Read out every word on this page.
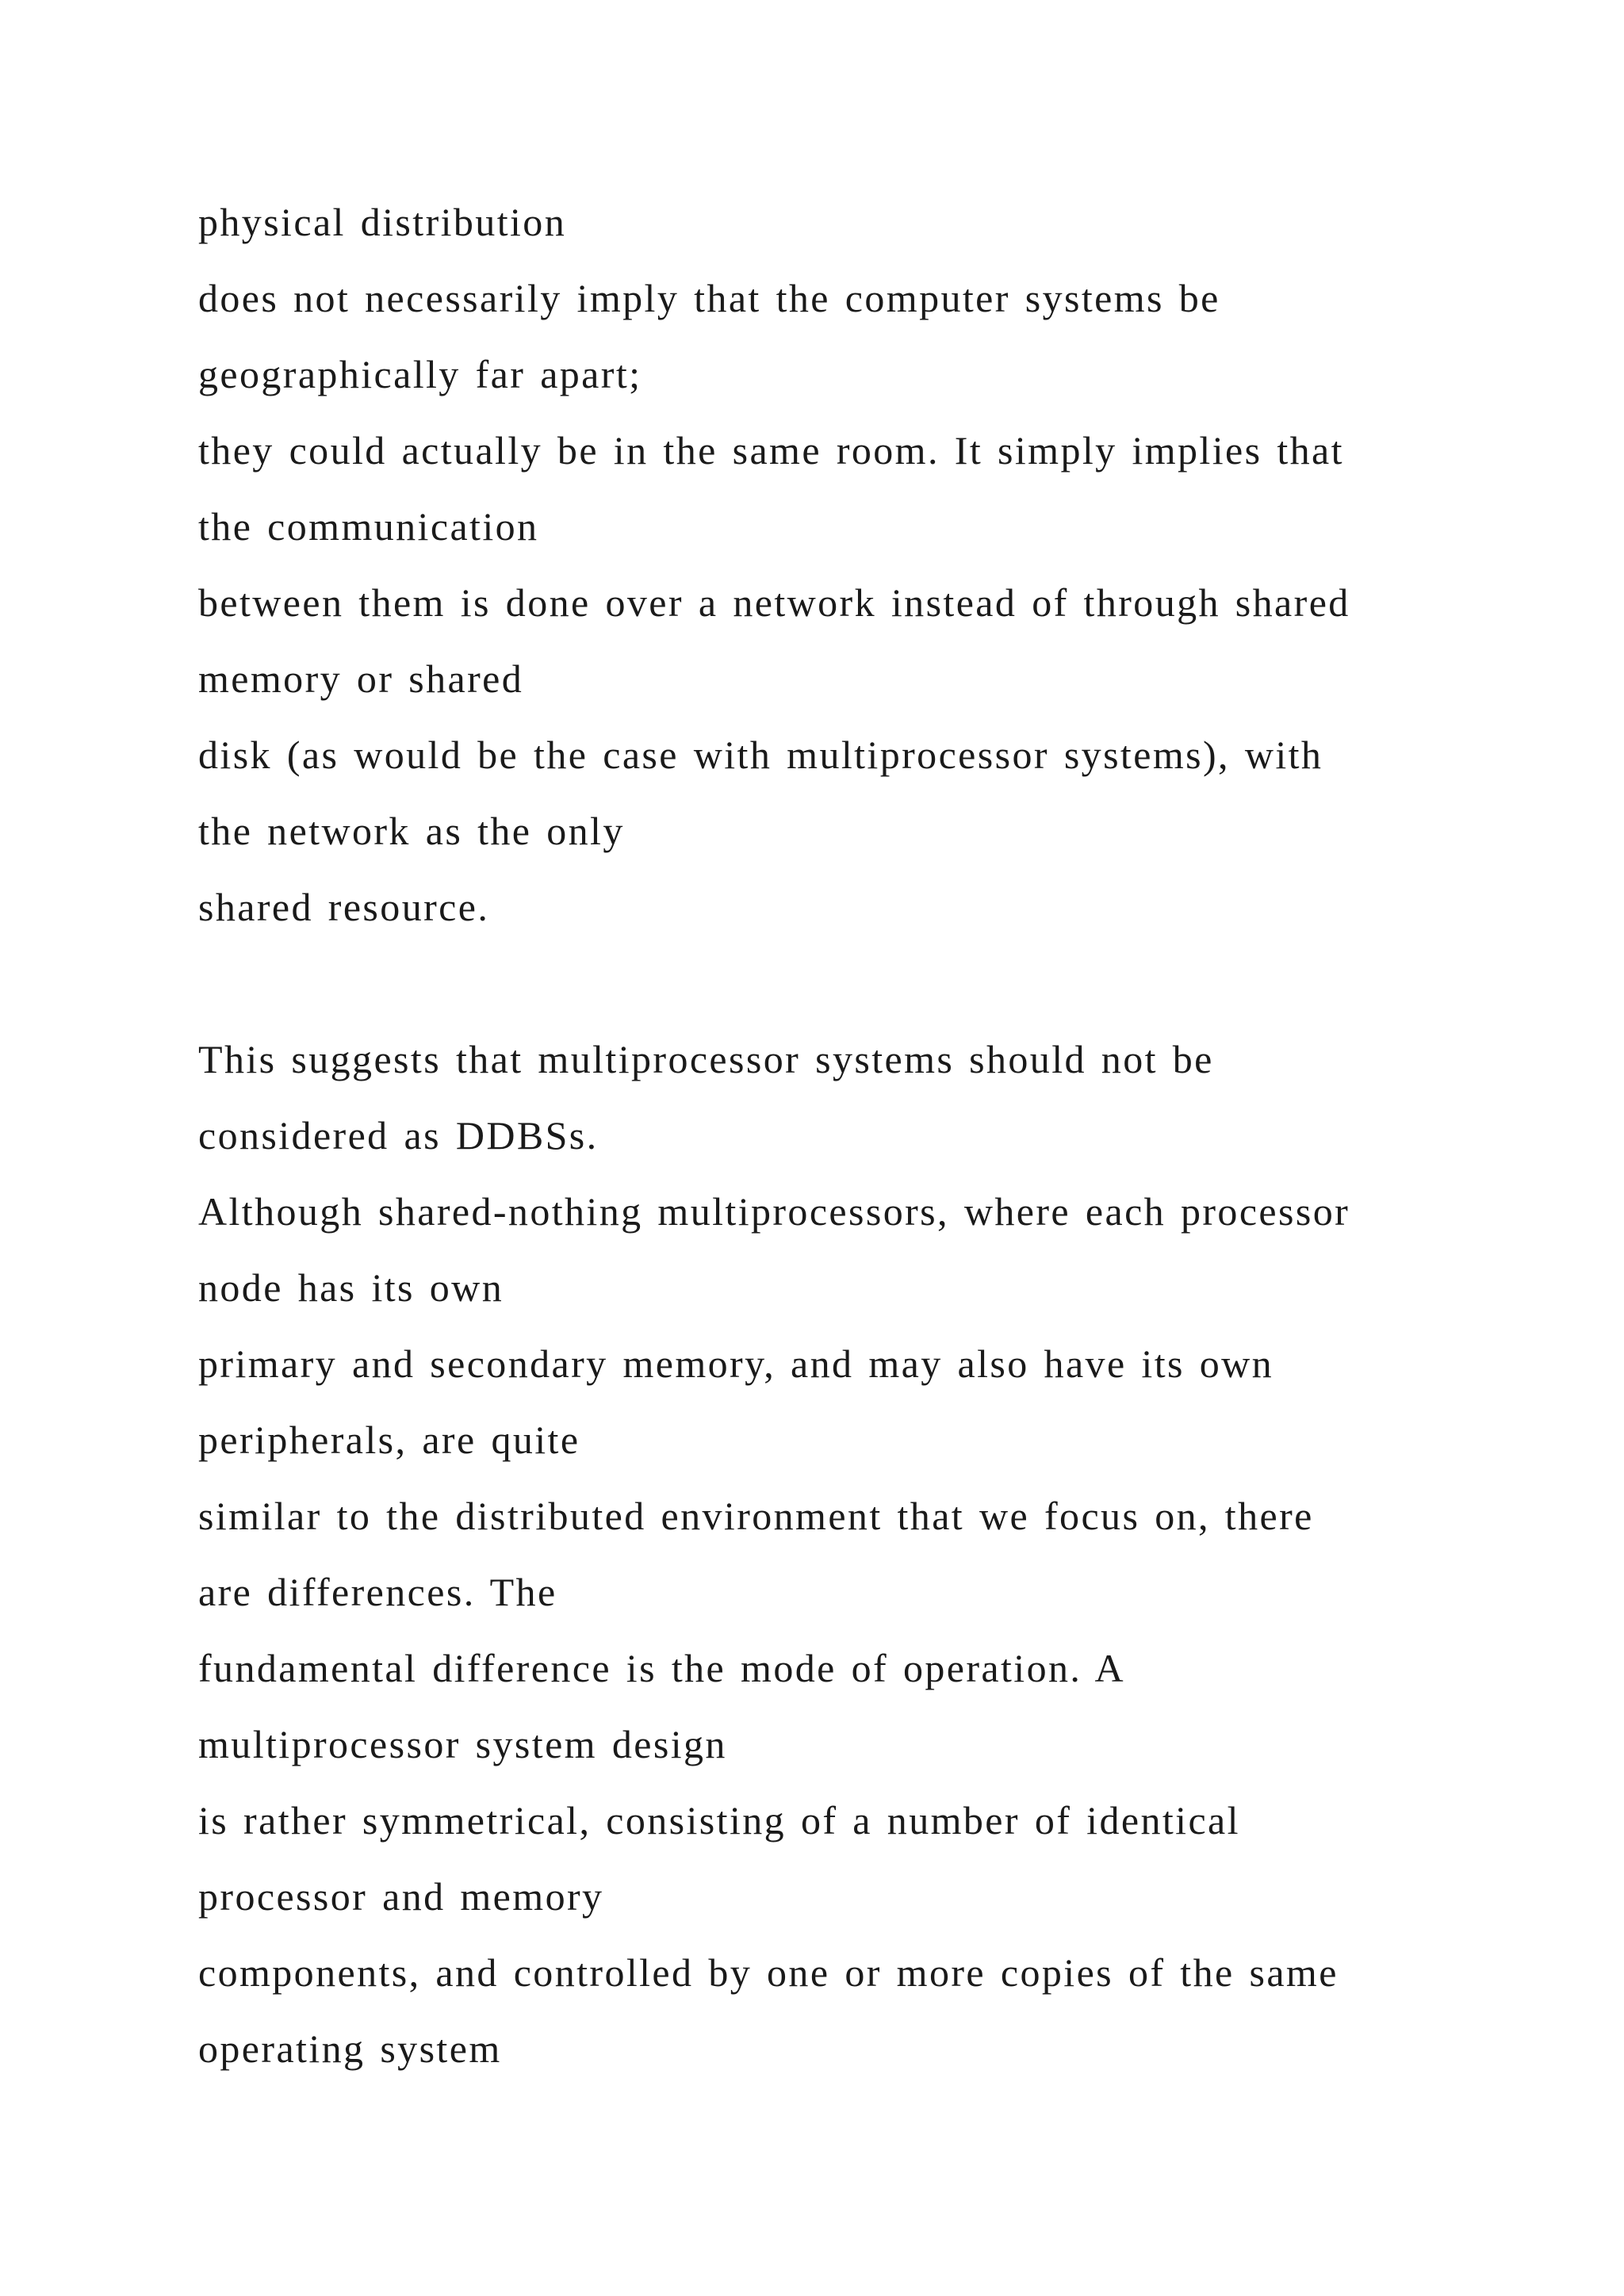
physical distribution
does not necessarily imply that the computer systems be
geographically far apart;
they could actually be in the same room. It simply implies that
the communication
between them is done over a network instead of through shared
memory or shared
disk (as would be the case with multiprocessor systems), with
the network as the only
shared resource.
This suggests that multiprocessor systems should not be
considered as DDBSs.
Although shared-nothing multiprocessors, where each processor
node has its own
primary and secondary memory, and may also have its own
peripherals, are quite
similar to the distributed environment that we focus on, there
are differences. The
fundamental difference is the mode of operation. A
multiprocessor system design
is rather symmetrical, consisting of a number of identical
processor and memory
components, and controlled by one or more copies of the same
operating system
